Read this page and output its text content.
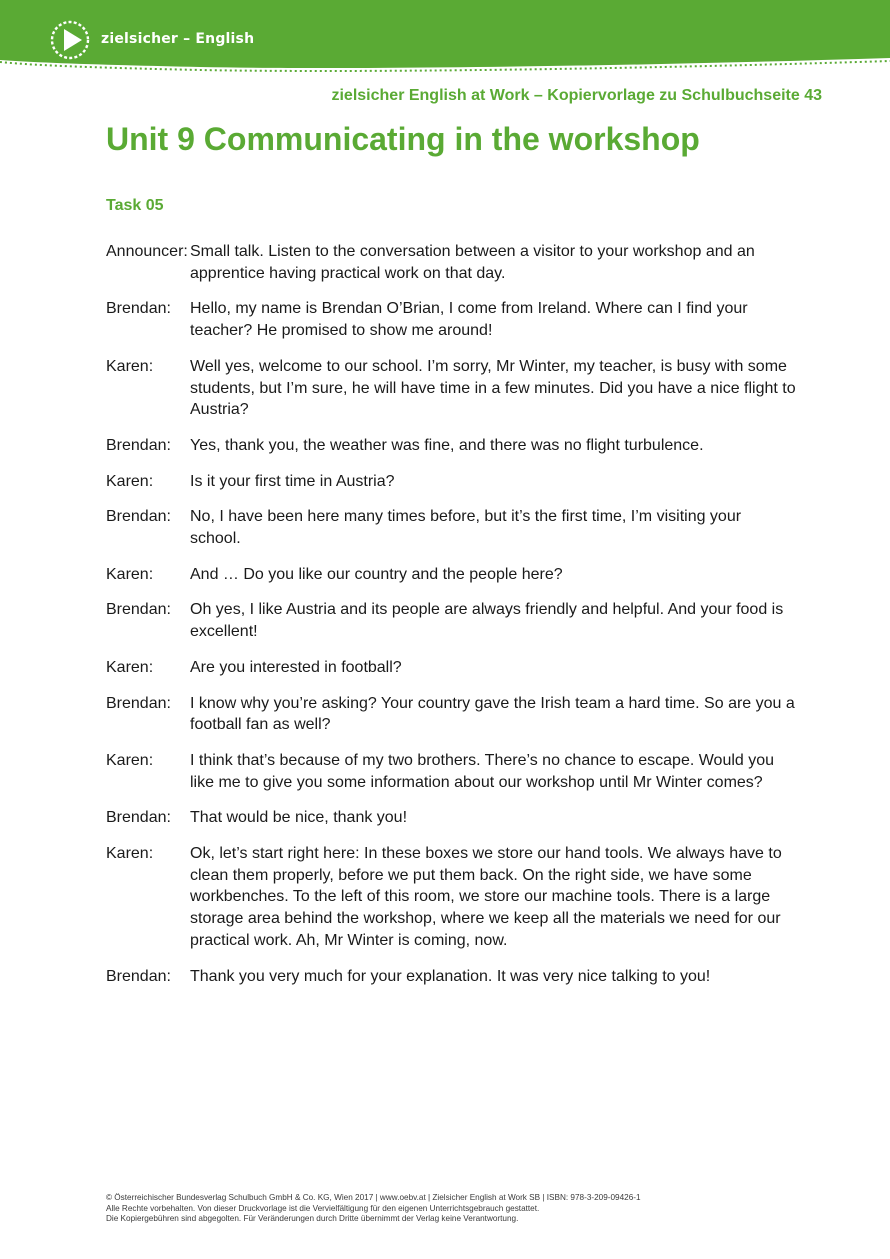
zielsicher – English
zielsicher English at Work – Kopiervorlage zu Schulbuchseite 43
Unit 9 Communicating in the workshop
Task 05
Announcer: Small talk. Listen to the conversation between a visitor to your workshop and an apprentice having practical work on that day.
Brendan:	Hello, my name is Brendan O’Brian, I come from Ireland. Where can I find your teacher? He promised to show me around!
Karen:	Well yes, welcome to our school. I’m sorry, Mr Winter, my teacher, is busy with some students, but I’m sure, he will have time in a few minutes. Did you have a nice flight to Austria?
Brendan:	Yes, thank you, the weather was fine, and there was no flight turbulence.
Karen:	Is it your first time in Austria?
Brendan:	No, I have been here many times before, but it’s the first time, I’m visiting your school.
Karen:	And … Do you like our country and the people here?
Brendan:	Oh yes, I like Austria and its people are always friendly and helpful. And your food is excellent!
Karen:	Are you interested in football?
Brendan:	I know why you’re asking? Your country gave the Irish team a hard time. So are you a football fan as well?
Karen:	I think that’s because of my two brothers. There’s no chance to escape. Would you like me to give you some information about our workshop until Mr Winter comes?
Brendan:	That would be nice, thank you!
Karen:	Ok, let’s start right here: In these boxes we store our hand tools. We always have to clean them properly, before we put them back. On the right side, we have some workbenches. To the left of this room, we store our machine tools. There is a large storage area behind the workshop, where we keep all the materials we need for our practical work. Ah, Mr Winter is coming, now.
Brendan:	Thank you very much for your explanation. It was very nice talking to you!
© Österreichischer Bundesverlag Schulbuch GmbH & Co. KG, Wien 2017 | www.oebv.at | Zielsicher English at Work SB | ISBN: 978-3-209-09426-1
Alle Rechte vorbehalten. Von dieser Druckvorlage ist die Vervielfältigung für den eigenen Unterrichtsgebrauch gestattet.
Die Kopiergebühren sind abgegolten. Für Veränderungen durch Dritte übernimmt der Verlag keine Verantwortung.
